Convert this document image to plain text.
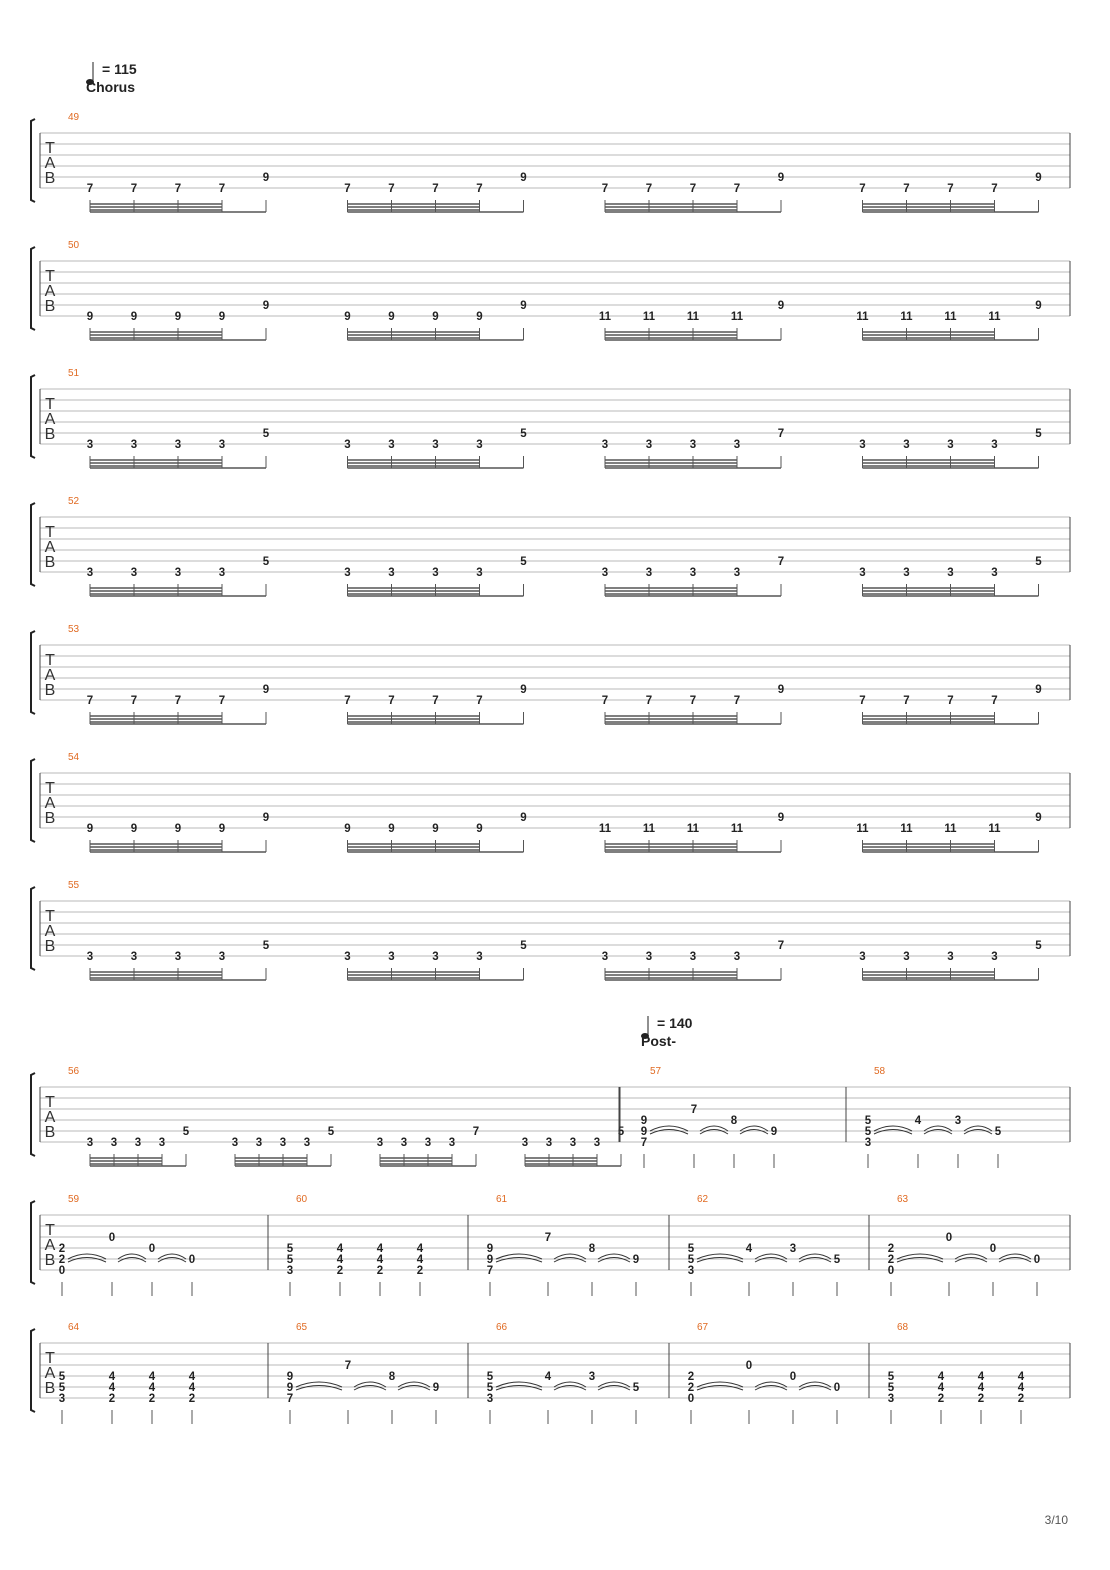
T
A
B
49
7	7	7	7
9
7	7	7	7
9
7	7	7	7
9
7	7	7	7
9
T
A
B
50
9	9	9	9
9
9	9	9	9
9
11	11	11	11
9
11	11	11	11
9
T
A
B
51
3	3	3	3
5
3	3	3	3
5
3	3	3	3
7
3	3	3	3
5
T
A
B
52
3	3	3	3
5
3	3	3	3
5
3	3	3	3
7
3	3	3	3
5
T
A
B
53
7	7	7	7
9
7	7	7	7
9
7	7	7	7
9
7	7	7	7
9
T
A
B
54
9	9	9	9
9
9	9	9	9
9
11	11	11	11
9
11	11	11	11
9
T
A
B
55
3	3	3	3
5
3	3	3	3
5
3	3	3	3
7
3	3	3	3
5
T
A
B
56
3 3 3 3
5
3 3 3 3
5
3 3 3 3
7
3 3 3 3
5
57
9
9
7
7
8
9
58
5
5
3
4	3
5
T
A
B
59
2
2
0
0
0
0
60
5
5
3
4
4
2
4
4
2
4
4
2
61
9
9
7
7
8
9
62
5
5
3
4	3
5
63
2
2
0
0
0
0
T
A
B
64
5
5
3
4
4
2
4
4
2
4
4
2
65
9
9
7
7
8
9
66
5
5
3
4	3
5
67
2
2
0
0
0
0
68
5
5
3
4
4
2
4
4
2
4
4
2
= 115
Chorus
= 140
Post-
3/10
